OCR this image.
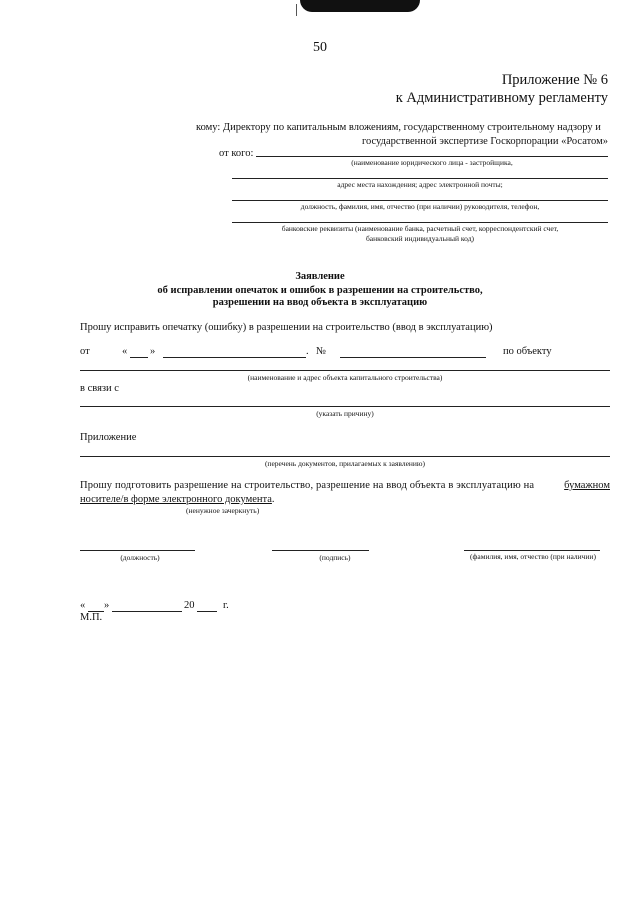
50
Приложение № 6
к Административному регламенту
кому: Директору по капитальным вложениям, государственному строительному надзору и
государственной экспертизе Госкорпорации «Росатом»
от кого:
(наименование юридического лица - застройщика,
адрес места нахождения; адрес электронной почты;
должность, фамилия, имя, отчество (при наличии) руководителя, телефон,
банковские реквизиты (наименование банка, расчетный счет, корреспондентский счет,
банковский индивидуальный код)
Заявление
об исправлении опечаток и ошибок в разрешении на строительство,
разрешении на ввод объекта в эксплуатацию
Прошу исправить опечатку (ошибку) в разрешении на строительство (ввод в эксплуатацию)
от	« »	. №	по объекту
(наименование и адрес объекта капитального строительства)
в связи с
(указать причину)
Приложение
(перечень документов, прилагаемых к заявлению)
Прошу подготовить разрешение на строительство, разрешение на ввод объекта в эксплуатацию на	бумажном
носителе/в форме электронного документа.
(ненужное зачеркнуть)
(должность)	(подпись)	(фамилия, имя, отчество (при наличии)
« »	20	г.
М.П.
